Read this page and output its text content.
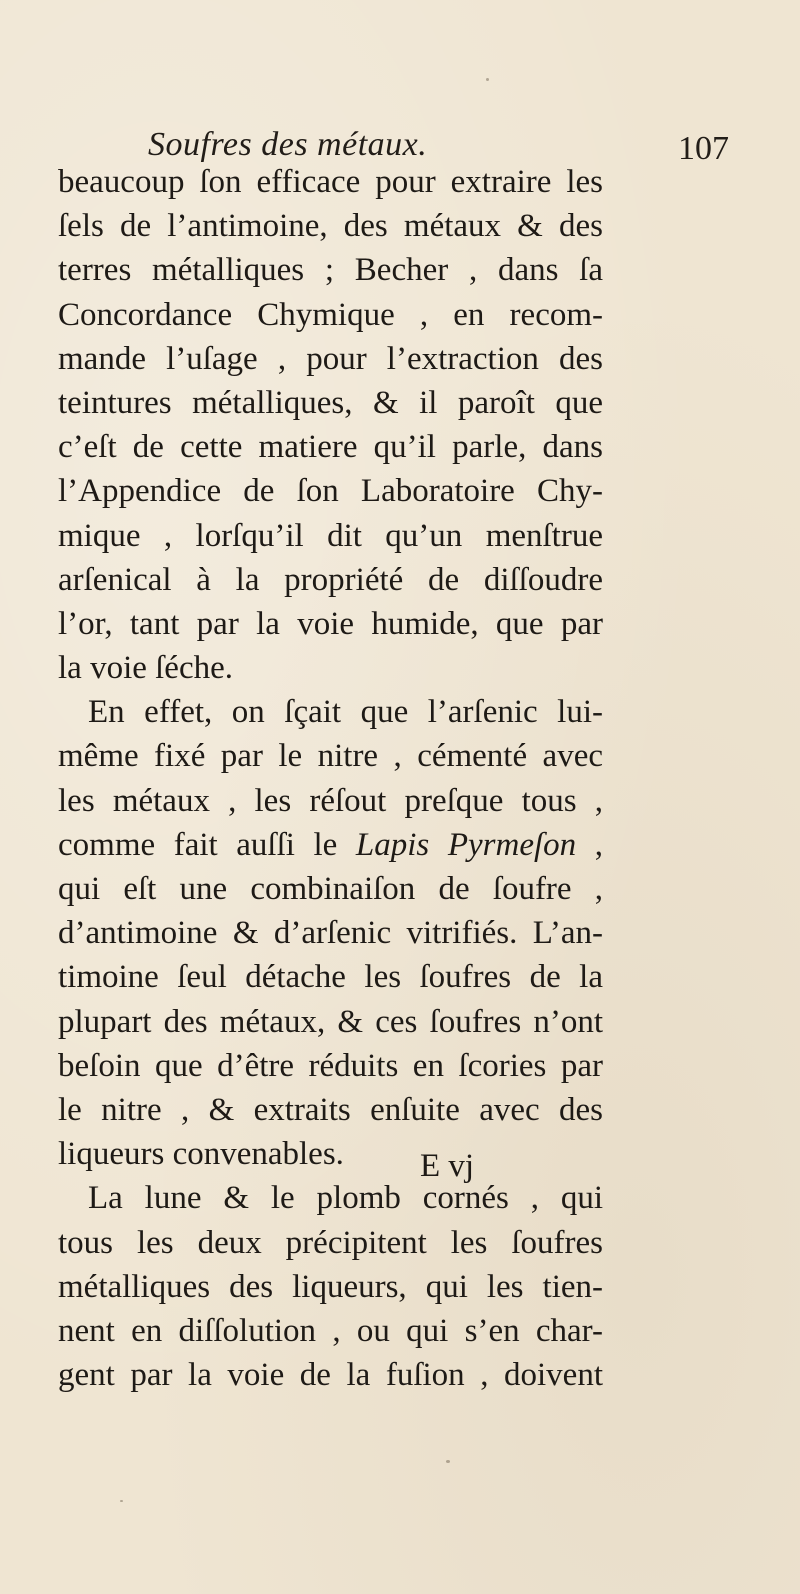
Soufres des métaux.	107
beaucoup ſon efficace pour extraire les
ſels de l’antimoine, des métaux & des
terres métalliques ; Becher , dans ſa
Concordance Chymique , en recom-
mande l’uſage , pour l’extraction des
teintures métalliques, & il paroît que
c’eſt de cette matiere qu’il parle, dans
l’Appendice de ſon Laboratoire Chy-
mique , lorſqu’il dit qu’un menſtrue
arſenical à la propriété de diſſoudre
l’or, tant par la voie humide, que par
la voie ſéche.
En effet, on ſçait que l’arſenic lui-
même fixé par le nitre , cémenté avec
les métaux , les réſout preſque tous ,
comme fait auſſi le Lapis Pyrmeſon ,
qui eſt une combinaiſon de ſoufre ,
d’antimoine & d’arſenic vitrifiés. L’an-
timoine ſeul détache les ſoufres de la
plupart des métaux, & ces ſoufres n’ont
beſoin que d’être réduits en ſcories par
le nitre , & extraits enſuite avec des
liqueurs convenables.
La lune & le plomb cornés , qui
tous les deux précipitent les ſoufres
métalliques des liqueurs, qui les tien-
nent en diſſolution , ou qui s’en char-
gent par la voie de la fuſion , doivent
E vj
